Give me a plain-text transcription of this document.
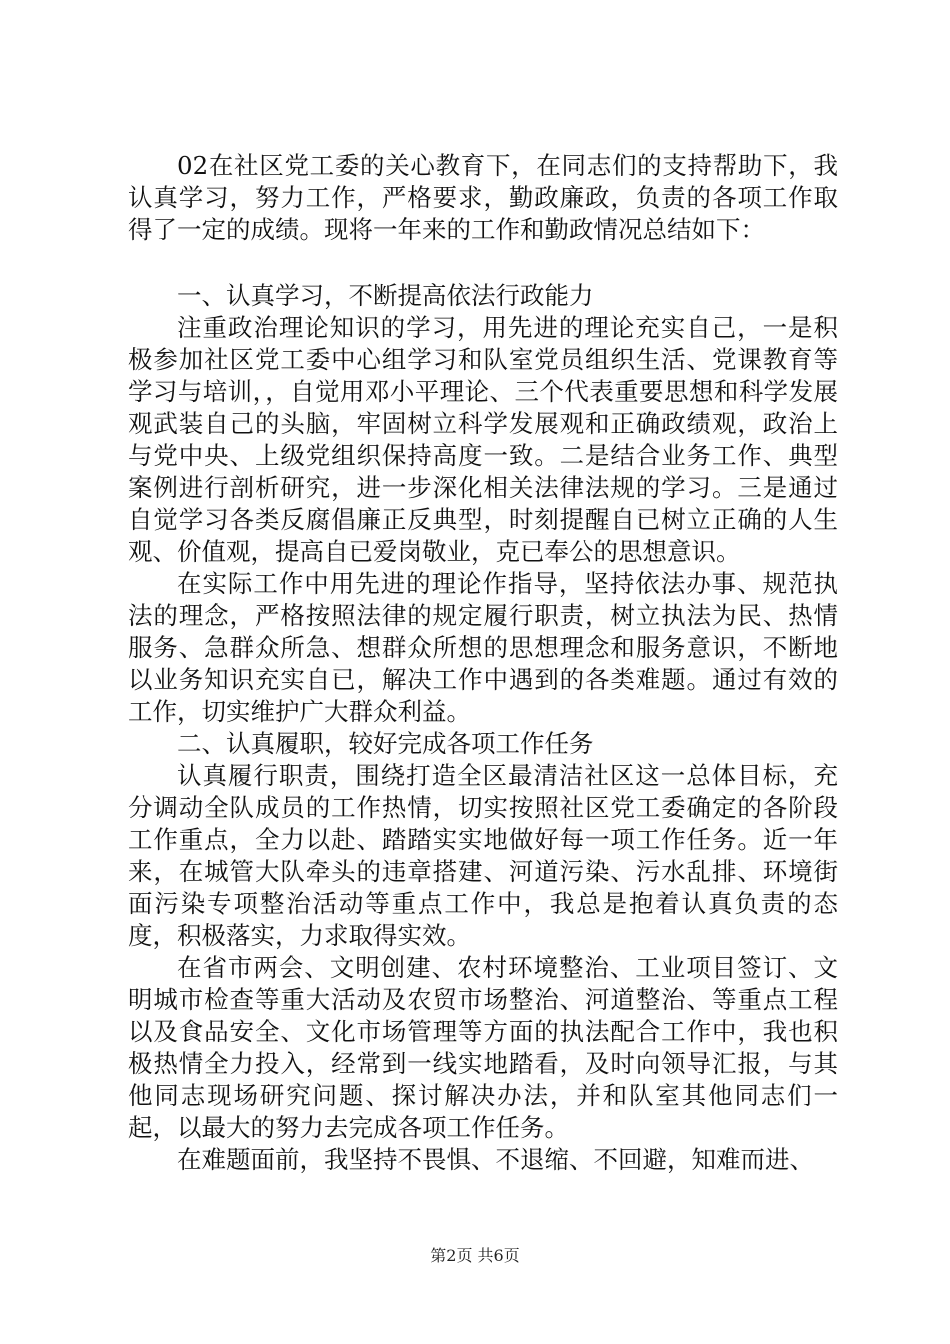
02在社区党工委的关心教育下，在同志们的支持帮助下，我认真学习，努力工作，严格要求，勤政廉政，负责的各项工作取得了一定的成绩。现将一年来的工作和勤政情况总结如下：

一、认真学习，不断提高依法行政能力

注重政治理论知识的学习，用先进的理论充实自己，一是积极参加社区党工委中心组学习和队室党员组织生活、党课教育等学习与培训，，自觉用邓小平理论、三个代表重要思想和科学发展观武装自己的头脑，牢固树立科学发展观和正确政绩观，政治上与党中央、上级党组织保持高度一致。二是结合业务工作、典型案例进行剖析研究，进一步深化相关法律法规的学习。三是通过自觉学习各类反腐倡廉正反典型，时刻提醒自已树立正确的人生观、价值观，提高自已爱岗敬业，克已奉公的思想意识。

在实际工作中用先进的理论作指导，坚持依法办事、规范执法的理念，严格按照法律的规定履行职责，树立执法为民、热情服务、急群众所急、想群众所想的思想理念和服务意识，不断地以业务知识充实自已，解决工作中遇到的各类难题。通过有效的工作，切实维护广大群众利益。

二、认真履职，较好完成各项工作任务

认真履行职责，围绕打造全区最清洁社区这一总体目标，充分调动全队成员的工作热情，切实按照社区党工委确定的各阶段工作重点，全力以赴、踏踏实实地做好每一项工作任务。近一年来，在城管大队牵头的违章搭建、河道污染、污水乱排、环境街面污染专项整治活动等重点工作中，我总是抱着认真负责的态度，积极落实，力求取得实效。

在省市两会、文明创建、农村环境整治、工业项目签订、文明城市检查等重大活动及农贸市场整治、河道整治、等重点工程以及食品安全、文化市场管理等方面的执法配合工作中，我也积极热情全力投入，经常到一线实地踏看，及时向领导汇报，与其他同志现场研究问题、探讨解决办法，并和队室其他同志们一起，以最大的努力去完成各项工作任务。

在难题面前，我坚持不畏惧、不退缩、不回避，知难而进、

第2页 共6页
